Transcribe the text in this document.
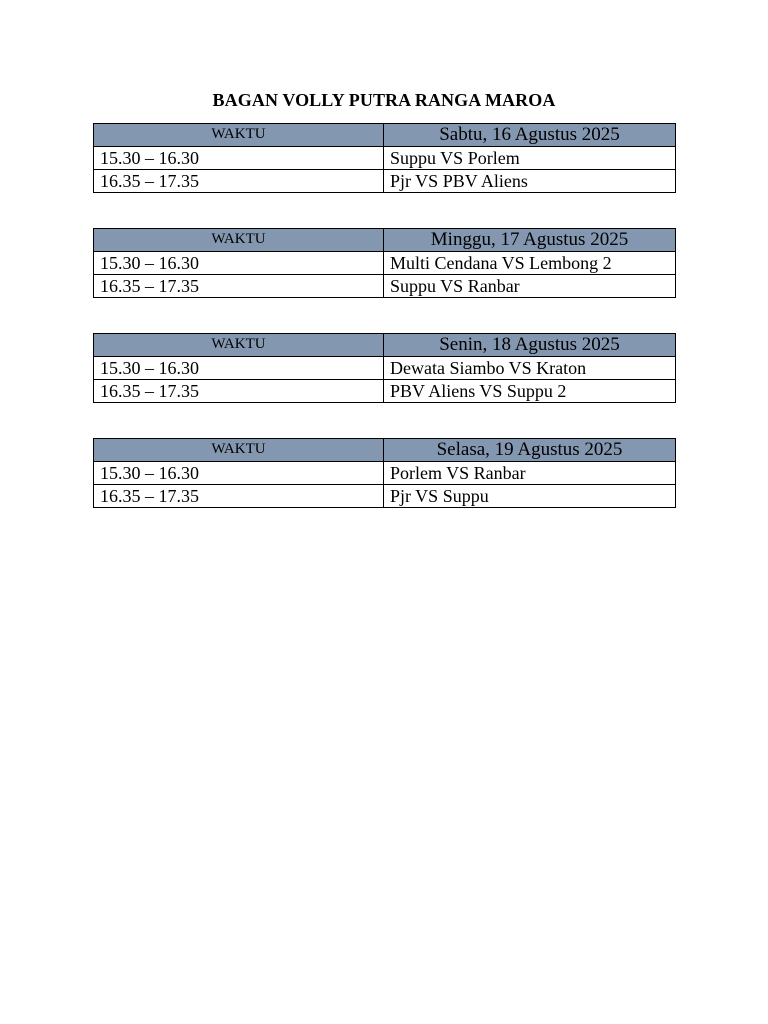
BAGAN VOLLY PUTRA RANGA MAROA
WAKTU	Sabtu, 16 Agustus 2025
15.30 – 16.30	Suppu VS Porlem
16.35 – 17.35	Pjr VS PBV Aliens
WAKTU	Minggu, 17 Agustus 2025
15.30 – 16.30	Multi Cendana VS Lembong 2
16.35 – 17.35	Suppu VS Ranbar
WAKTU	Senin, 18 Agustus 2025
15.30 – 16.30	Dewata Siambo VS Kraton
16.35 – 17.35	PBV Aliens VS Suppu 2
WAKTU	Selasa, 19 Agustus 2025
15.30 – 16.30	Porlem VS Ranbar
16.35 – 17.35	Pjr VS Suppu
